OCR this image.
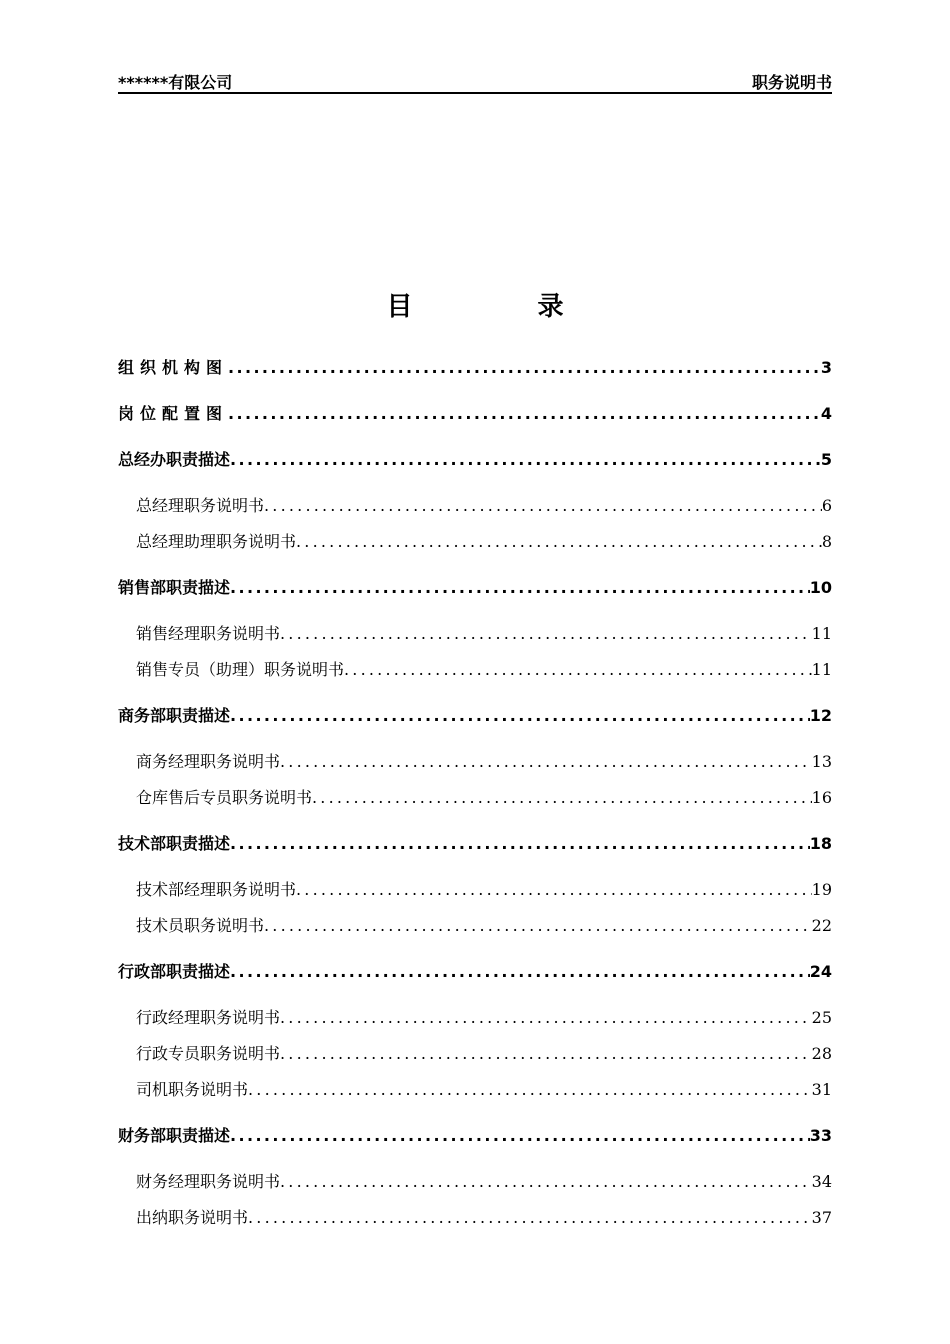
******有限公司	职务说明书
目 录
组织机构图 .....	3
岗位配置图 .....	4
总经办职责描述 .....	5
总经理职务说明书 .....	6
总经理助理职务说明书 .....	8
销售部职责描述 .....	10
销售经理职务说明书 .....	11
销售专员（助理）职务说明书 .....	11
商务部职责描述 .....	12
商务经理职务说明书 .....	13
仓库售后专员职务说明书 .....	16
技术部职责描述 .....	18
技术部经理职务说明书 .....	19
技术员职务说明书 .....	22
行政部职责描述 .....	24
行政经理职务说明书 .....	25
行政专员职务说明书 .....	28
司机职务说明书 .....	31
财务部职责描述 .....	33
财务经理职务说明书 .....	34
出纳职务说明书 .....	37
